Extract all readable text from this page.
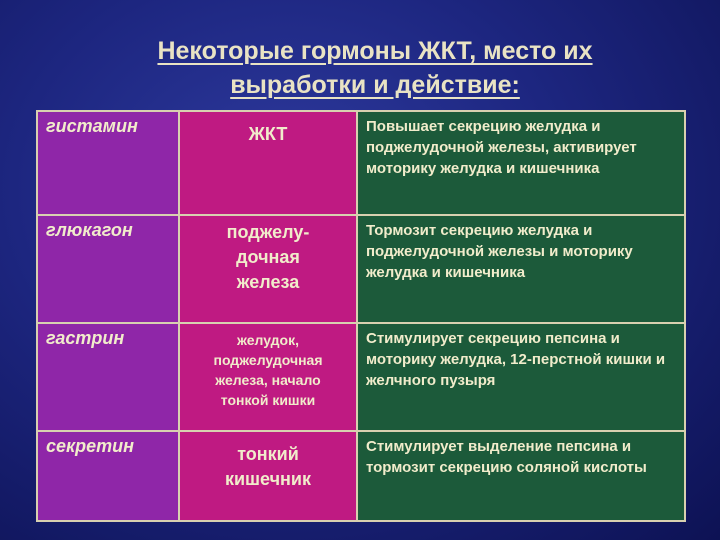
Некоторые гормоны ЖКТ, место их
выработки и действие:
гистамин	ЖКТ	Повышает секрецию желудка и поджелудочной железы, активирует моторику желудка и кишечника
глюкагон	поджелу-
дочная
железа	Тормозит секрецию желудка и поджелудочной железы и моторику желудка и кишечника
гастрин	желудок,
поджелудочная
железа, начало
тонкой кишки	Стимулирует секрецию пепсина и моторику желудка, 12-перстной кишки и желчного пузыря
секретин	тонкий
кишечник	Стимулирует выделение пепсина и тормозит секрецию соляной кислоты
